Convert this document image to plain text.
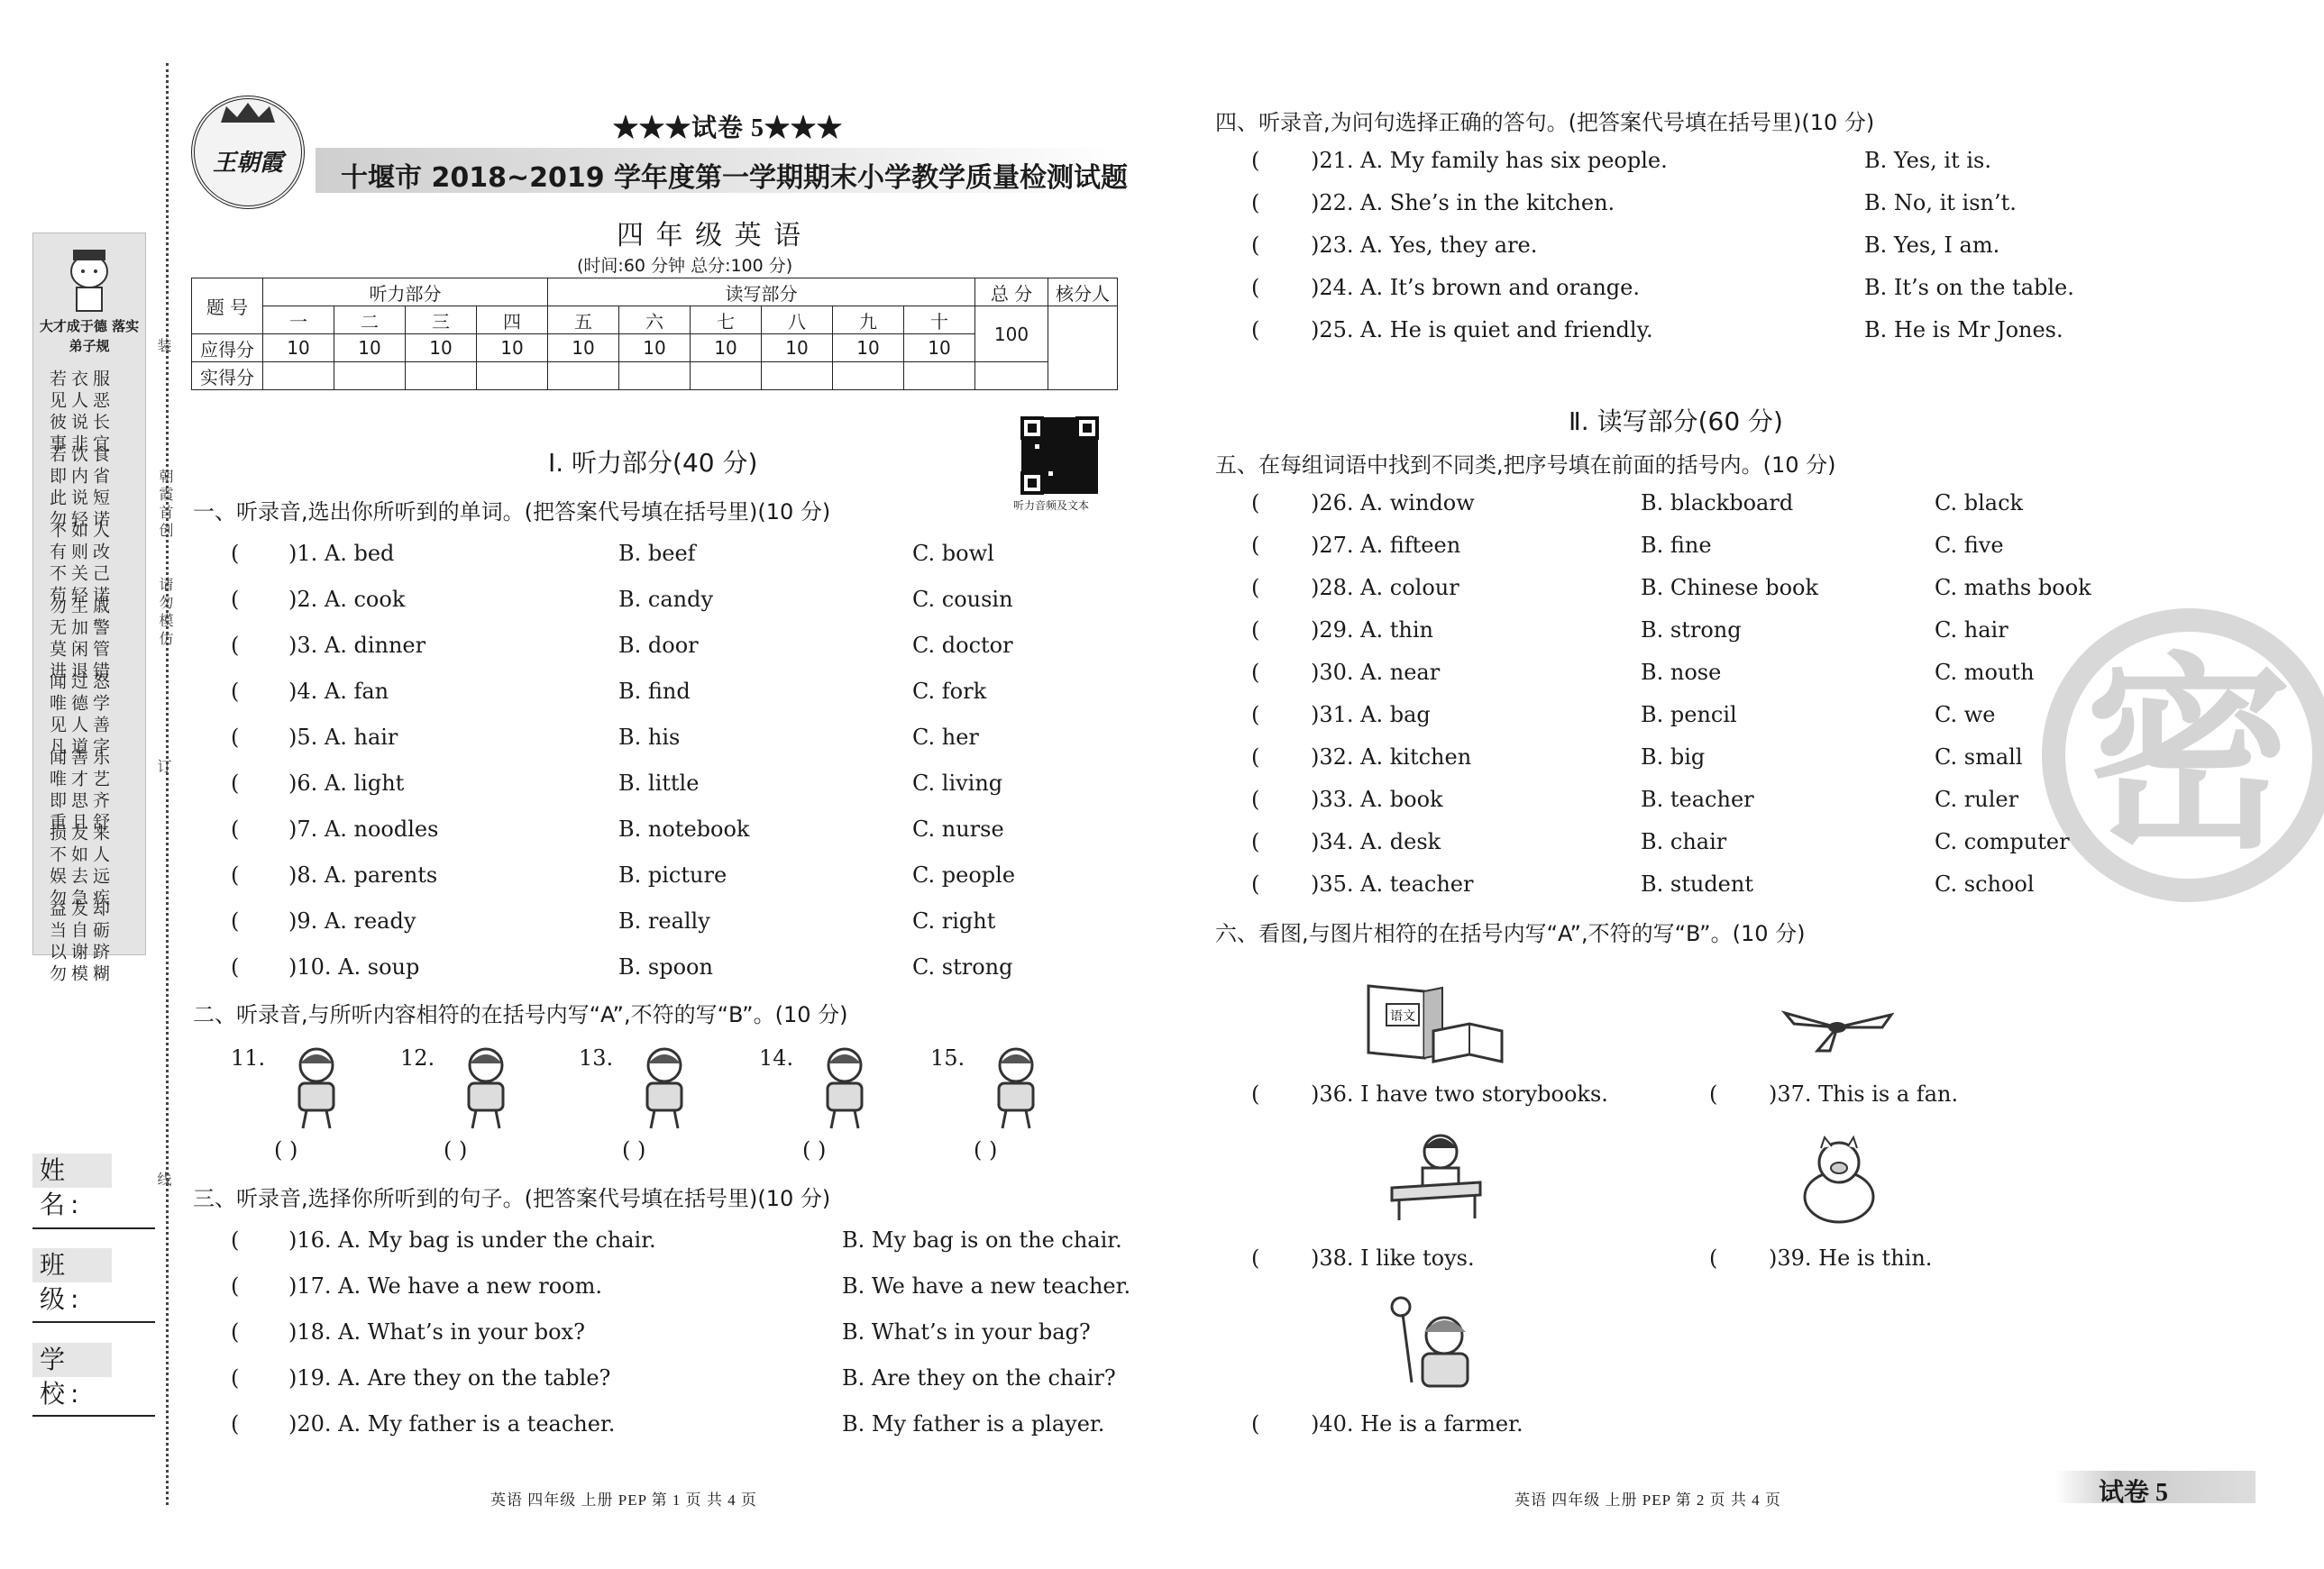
大才成于德 落实弟子规
若见彼事 衣人说非 服恶长宜
若即此勿 饮内说轻 食省短诺
不有不苟 如则关轻 人改己诺
勿无莫进 生加闲退 戚警管错
闻唯见凡 过德人道 怒学善字
闻唯即重 善才思且 乐艺齐舒
损不娱勿 友如去急 来人远疾
益当以勿 友自谢模 却砺跻糊
装
朝霞首创
请勿模仿
订
线
姓 名:
班 级:
学 校:
王朝霞
★★★试卷 5★★★
十堰市 2018~2019 学年度第一学期期末小学教学质量检测试题
四 年 级 英 语
(时间:60 分钟 总分:100 分)
题 号	听力部分				读写部分						总 分	核分人
	一	二	三	四	五	六	七	八	九	十	100	
应得分	10	10	10	10	10	10	10	10	10	10		
实得分												
听力音频及文本
Ⅰ. 听力部分(40 分)
一、听录音,选出你所听到的单词。(把答案代号填在括号里)(10 分)
( )1. A. bed	B. beef	C. bowl
( )2. A. cook	B. candy	C. cousin
( )3. A. dinner	B. door	C. doctor
( )4. A. fan	B. find	C. fork
( )5. A. hair	B. his	C. her
( )6. A. light	B. little	C. living
( )7. A. noodles	B. notebook	C. nurse
( )8. A. parents	B. picture	C. people
( )9. A. ready	B. really	C. right
( )10. A. soup	B. spoon	C. strong
二、听录音,与所听内容相符的在括号内写“A”,不符的写“B”。(10 分)
11.
( )
12.
( )
13.
( )
14.
( )
15.
( )
三、听录音,选择你所听到的句子。(把答案代号填在括号里)(10 分)
( )16. A. My bag is under the chair.	B. My bag is on the chair.
( )17. A. We have a new room.	B. We have a new teacher.
( )18. A. What’s in your box?	B. What’s in your bag?
( )19. A. Are they on the table?	B. Are they on the chair?
( )20. A. My father is a teacher.	B. My father is a player.
英语 四年级 上册 PEP 第 1 页 共 4 页
密
四、听录音,为问句选择正确的答句。(把答案代号填在括号里)(10 分)
( )21. A. My family has six people.	B. Yes, it is.
( )22. A. She’s in the kitchen.	B. No, it isn’t.
( )23. A. Yes, they are.	B. Yes, I am.
( )24. A. It’s brown and orange.	B. It’s on the table.
( )25. A. He is quiet and friendly.	B. He is Mr Jones.
Ⅱ. 读写部分(60 分)
五、在每组词语中找到不同类,把序号填在前面的括号内。(10 分)
( )26. A. window	B. blackboard	C. black
( )27. A. fifteen	B. fine	C. five
( )28. A. colour	B. Chinese book	C. maths book
( )29. A. thin	B. strong	C. hair
( )30. A. near	B. nose	C. mouth
( )31. A. bag	B. pencil	C. we
( )32. A. kitchen	B. big	C. small
( )33. A. book	B. teacher	C. ruler
( )34. A. desk	B. chair	C. computer
( )35. A. teacher	B. student	C. school
六、看图,与图片相符的在括号内写“A”,不符的写“B”。(10 分)
语文
( )36. I have two storybooks.	( )37. This is a fan.
( )38. I like toys.	( )39. He is thin.
( )40. He is a farmer.
英语 四年级 上册 PEP 第 2 页 共 4 页	试卷 5
